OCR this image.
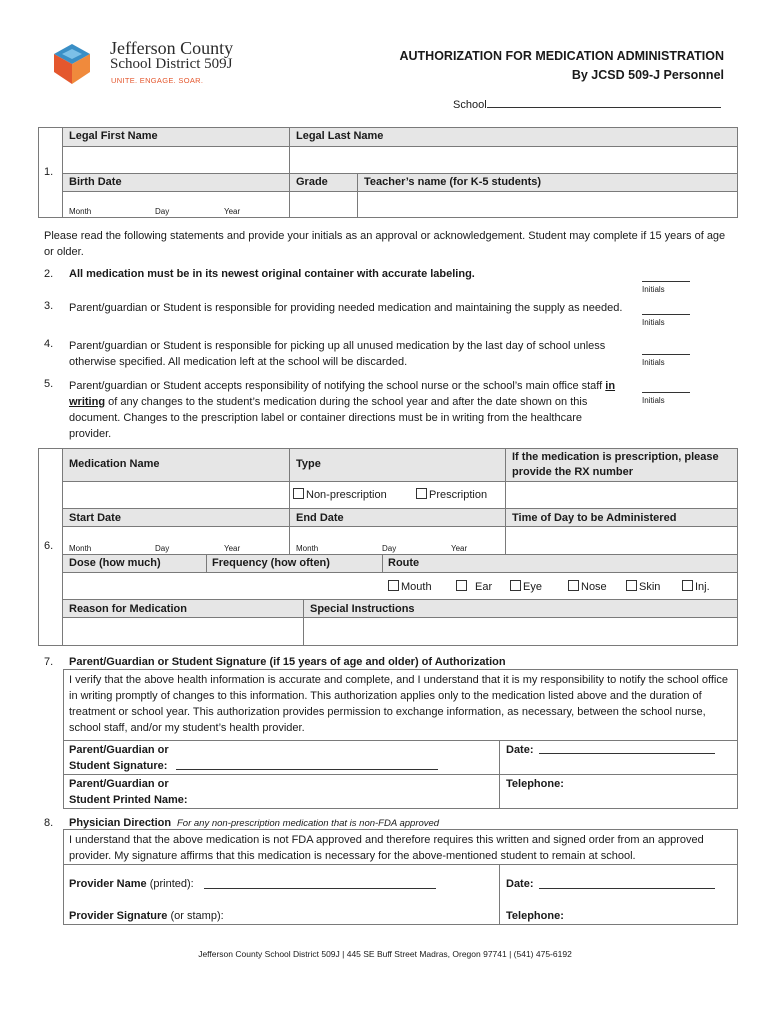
Jefferson County
School District 509J
UNITE. ENGAGE. SOAR.
AUTHORIZATION FOR MEDICATION ADMINISTRATION
By JCSD 509-J Personnel
School
1.
Legal First Name	Legal Last Name
Birth Date	Grade	Teacher’s name (for K-5 students)
Month	Day	Year
Please read the following statements and provide your initials as an approval or acknowledgement. Student may complete if 15 years of age or older.
2. All medication must be in its newest original container with accurate labeling.
Initials
3. Parent/guardian or Student is responsible for providing needed medication and maintaining the supply as needed.
Initials
4. Parent/guardian or Student is responsible for picking up all unused medication by the last day of school unless otherwise specified. All medication left at the school will be discarded.	Initials
5. Parent/guardian or Student accepts responsibility of notifying the school nurse or the school’s main office staff in writing of any changes to the student’s medication during the school year and after the date shown on this document. Changes to the prescription label or container directions must be in writing from the healthcare provider.
Initials
6.
Medication Name	Type
If the medication is prescription, please provide the RX number
Non-prescription	Prescription
Start Date	End Date	Time of Day to be Administered
Month	Day	Year	Month	Day	Year
Dose (how much)	Frequency (how often)	Route
Mouth	Ear	Eye	Nose	Skin	Inj.
Reason for Medication	Special Instructions
7. Parent/Guardian or Student Signature (if 15 years of age and older) of Authorization
I verify that the above health information is accurate and complete, and I understand that it is my responsibility to notify the school office in writing promptly of changes to this information. This authorization applies only to the medication listed above and the duration of treatment or school year. This authorization provides permission to exchange information, as necessary, between the school nurse, school staff, and/or my student’s health provider.
Parent/Guardian or
Student Signature:
Date:
Parent/Guardian or
Student Printed Name:
Telephone:
8. Physician Direction For any non-prescription medication that is non-FDA approved
I understand that the above medication is not FDA approved and therefore requires this written and signed order from an approved provider. My signature affirms that this medication is necessary for the above-mentioned student to remain at school.
Provider Name (printed):	Date:
Provider Signature (or stamp):	Telephone:
Jefferson County School District 509J | 445 SE Buff Street Madras, Oregon 97741 | (541) 475-6192
